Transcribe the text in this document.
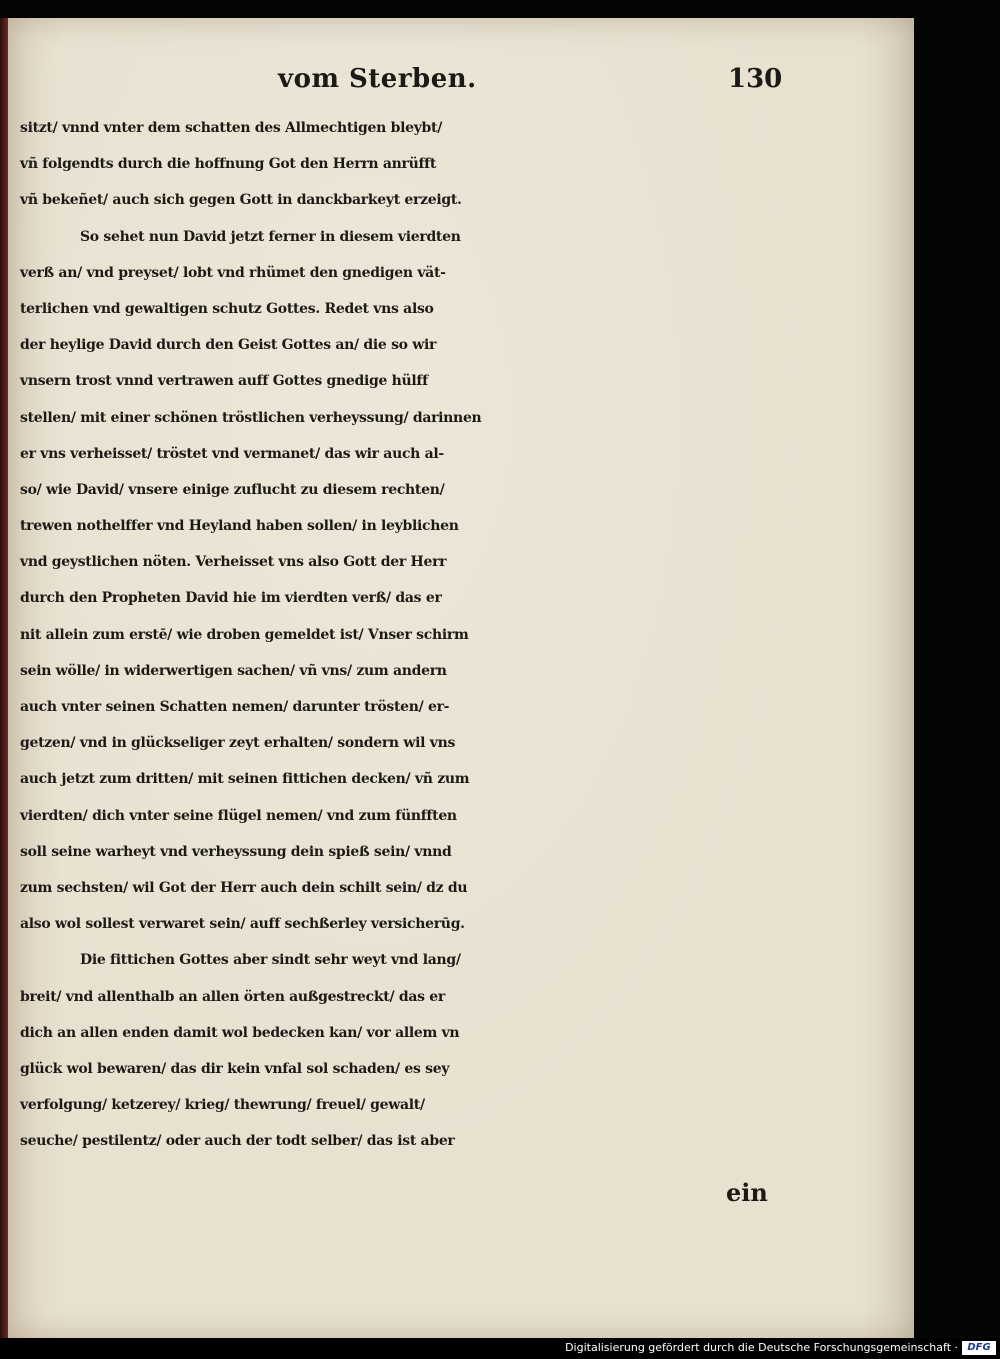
vom Sterben.	130
sitzt/ vnnd vnter dem schatten des Allmechtigen bleybt/
vñ folgendts durch die hoffnung Got den Herrn anrüfft
vñ bekeñet/ auch sich gegen Gott in danckbarkeyt erzeigt.
So sehet nun David jetzt ferner in diesem vierdten
verß an/ vnd preyset/ lobt vnd rhümet den gnedigen vät-
terlichen vnd gewaltigen schutz Gottes. Redet vns also
der heylige David durch den Geist Gottes an/ die so wir
vnsern trost vnnd vertrawen auff Gottes gnedige hülff
stellen/ mit einer schönen tröstlichen verheyssung/ darinnen
er vns verheisset/ tröstet vnd vermanet/ das wir auch al-
so/ wie David/ vnsere einige zuflucht zu diesem rechten/
trewen nothelffer vnd Heyland haben sollen/ in leyblichen
vnd geystlichen nöten. Verheisset vns also Gott der Herr
durch den Propheten David hie im vierdten verß/ das er
nit allein zum erstē/ wie droben gemeldet ist/ Vnser schirm
sein wölle/ in widerwertigen sachen/ vñ vns/ zum andern
auch vnter seinen Schatten nemen/ darunter trösten/ er-
getzen/ vnd in glückseliger zeyt erhalten/ sondern wil vns
auch jetzt zum dritten/ mit seinen fittichen decken/ vñ zum
vierdten/ dich vnter seine flügel nemen/ vnd zum fünfften
soll seine warheyt vnd verheyssung dein spieß sein/ vnnd
zum sechsten/ wil Got der Herr auch dein schilt sein/ dz du
also wol sollest verwaret sein/ auff sechßerley versicherūg.
Die fittichen Gottes aber sindt sehr weyt vnd lang/
breit/ vnd allenthalb an allen örten außgestreckt/ das er
dich an allen enden damit wol bedecken kan/ vor allem vn
glück wol bewaren/ das dir kein vnfal sol schaden/ es sey
verfolgung/ ketzerey/ krieg/ thewrung/ freuel/ gewalt/
seuche/ pestilentz/ oder auch der todt selber/ das ist aber
ein
Digitalisierung gefördert durch die Deutsche Forschungsgemeinschaft · DFG
